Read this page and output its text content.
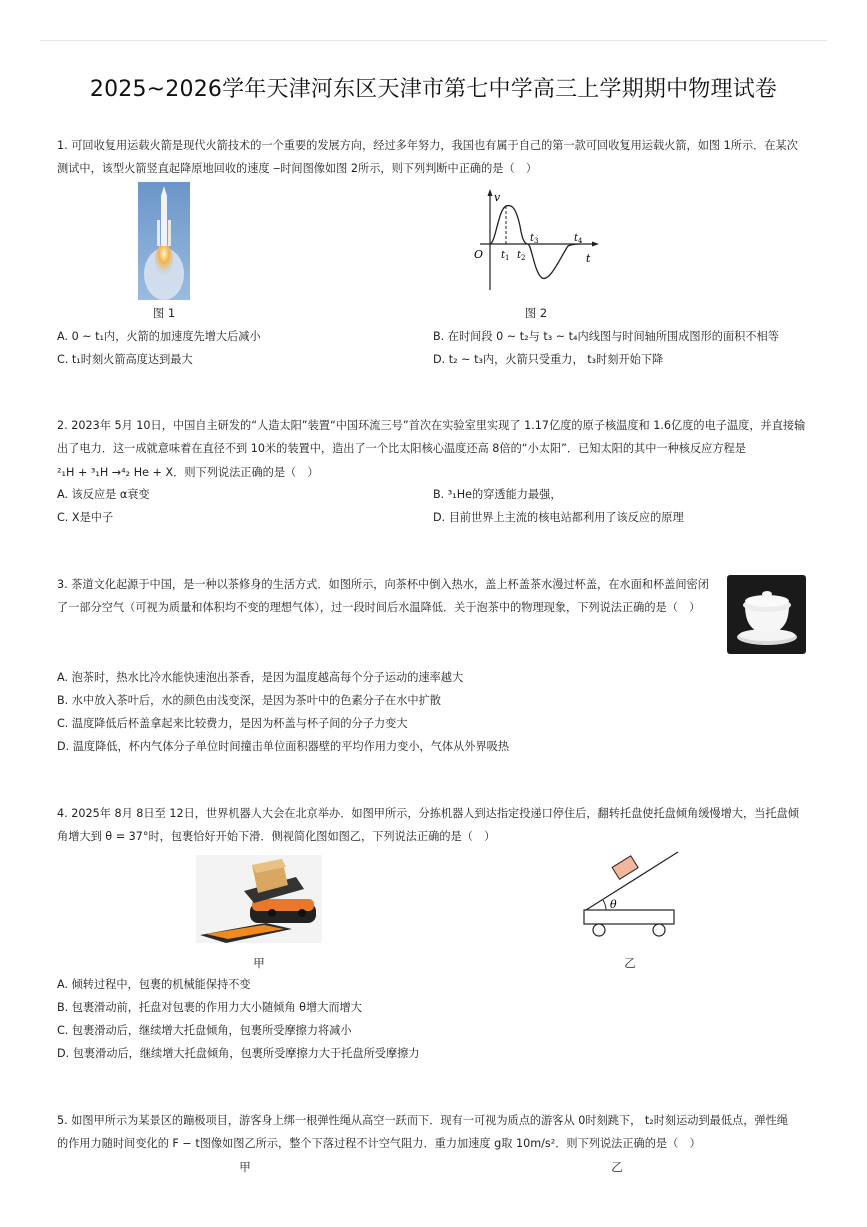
2025~2026学年天津河东区天津市第七中学高三上学期期中物理试卷
1. 可回收复用运载火箭是现代火箭技术的一个重要的发展方向，经过多年努力，我国也有属于自己的第一款可回收复用运载火箭，如图 1所示．在某次测试中，该型火箭竖直起降原地回收的速度 ‒时间图像如图 2所示，则下列判断中正确的是（　）
图 1
v
O	t
$t_1$ $t_2$
$t_3$	$t_4$
图 2
A. 0 ~ t₁内，火箭的加速度先增大后减小	B. 在时间段 0 ~ t₂与 t₃ ~ t₄内线图与时间轴所围成图形的面积不相等
C. t₁时刻火箭高度达到最大	D. t₂ ~ t₃内，火箭只受重力， t₃时刻开始下降
2. 2023年 5月 10日，中国自主研发的“人造太阳”装置“中国环流三号”首次在实验室里实现了 1.17亿度的原子核温度和 1.6亿度的电子温度，并直接输出了电力．这一成就意味着在直径不到 10米的装置中，造出了一个比太阳核心温度还高 8倍的“小太阳”．已知太阳的其中一种核反应方程是
²₁H + ³₁H →⁴₂ He + X．则下列说法正确的是（　）
A. 该反应是 α衰变	B. ³₁He的穿透能力最强，
C. X是中子	D. 目前世界上主流的核电站都利用了该反应的原理
3. 茶道文化起源于中国，是一种以茶修身的生活方式．如图所示，向茶杯中倒入热水，盖上杯盖茶水漫过杯盖，在水面和杯盖间密闭了一部分空气（可视为质量和体积均不变的理想气体），过一段时间后水温降低．关于泡茶中的物理现象，下列说法正确的是（　）
A. 泡茶时，热水比冷水能快速泡出茶香，是因为温度越高每个分子运动的速率越大
B. 水中放入茶叶后，水的颜色由浅变深，是因为茶叶中的色素分子在水中扩散
C. 温度降低后杯盖拿起来比较费力，是因为杯盖与杯子间的分子力变大
D. 温度降低，杯内气体分子单位时间撞击单位面积器壁的平均作用力变小，气体从外界吸热
4. 2025年 8月 8日至 12日，世界机器人大会在北京举办．如图甲所示，分拣机器人到达指定投递口停住后，翻转托盘使托盘倾角缓慢增大，当托盘倾角增大到 θ = 37°时，包裹恰好开始下滑．侧视简化图如图乙，下列说法正确的是（　）
甲
θ
乙
A. 倾转过程中，包裹的机械能保持不变
B. 包裹滑动前，托盘对包裹的作用力大小随倾角 θ增大而增大
C. 包裹滑动后，继续增大托盘倾角，包裹所受摩擦力将减小
D. 包裹滑动后，继续增大托盘倾角，包裹所受摩擦力大于托盘所受摩擦力
5. 如图甲所示为某景区的蹦极项目，游客身上绑一根弹性绳从高空一跃而下．现有一可视为质点的游客从 0时刻跳下， t₂时刻运动到最低点，弹性绳
的作用力随时间变化的 F − t图像如图乙所示，整个下落过程不计空气阻力．重力加速度 g取 10m/s²．则下列说法正确的是（　）
甲	乙
